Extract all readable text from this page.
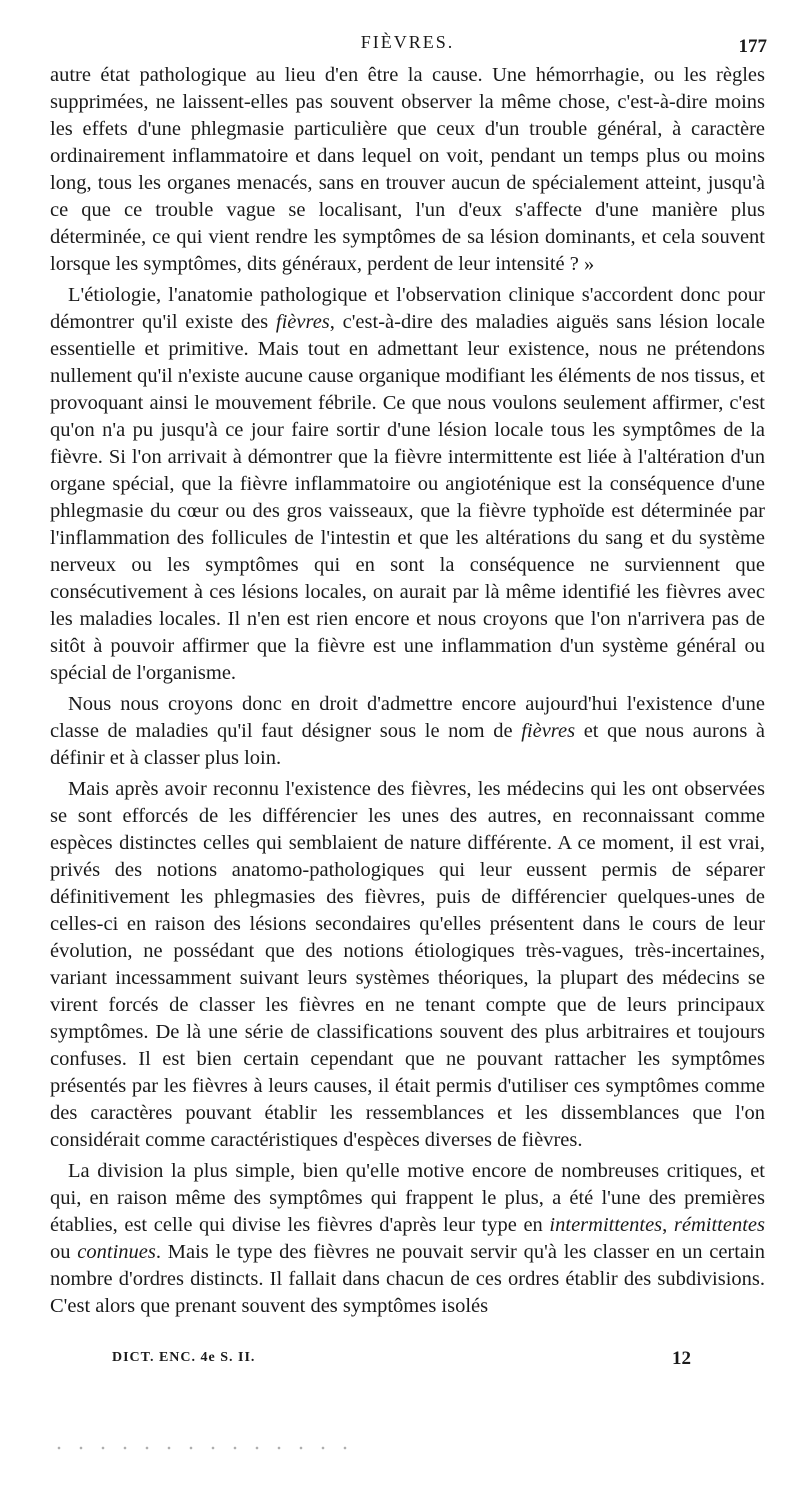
FIÈVRES.	177

autre état pathologique au lieu d'en être la cause. Une hémorrhagie, ou les règles supprimées, ne laissent-elles pas souvent observer la même chose, c'est-à-dire moins les effets d'une phlegmasie particulière que ceux d'un trouble général, à caractère ordinairement inflammatoire et dans lequel on voit, pendant un temps plus ou moins long, tous les organes menacés, sans en trouver aucun de spécialement atteint, jusqu'à ce que ce trouble vague se localisant, l'un d'eux s'affecte d'une manière plus déterminée, ce qui vient rendre les symptômes de sa lésion dominants, et cela souvent lorsque les symptômes, dits généraux, perdent de leur intensité ? »

L'étiologie, l'anatomie pathologique et l'observation clinique s'accordent donc pour démontrer qu'il existe des fièvres, c'est-à-dire des maladies aiguës sans lésion locale essentielle et primitive. Mais tout en admettant leur existence, nous ne prétendons nullement qu'il n'existe aucune cause organique modifiant les éléments de nos tissus, et provoquant ainsi le mouvement fébrile. Ce que nous voulons seulement affirmer, c'est qu'on n'a pu jusqu'à ce jour faire sortir d'une lésion locale tous les symptômes de la fièvre. Si l'on arrivait à démontrer que la fièvre intermittente est liée à l'altération d'un organe spécial, que la fièvre inflammatoire ou angioténique est la conséquence d'une phlegmasie du cœur ou des gros vaisseaux, que la fièvre typhoïde est déterminée par l'inflammation des follicules de l'intestin et que les altérations du sang et du système nerveux ou les symptômes qui en sont la conséquence ne surviennent que consécutivement à ces lésions locales, on aurait par là même identifié les fièvres avec les maladies locales. Il n'en est rien encore et nous croyons que l'on n'arrivera pas de sitôt à pouvoir affirmer que la fièvre est une inflammation d'un système général ou spécial de l'organisme.

Nous nous croyons donc en droit d'admettre encore aujourd'hui l'existence d'une classe de maladies qu'il faut désigner sous le nom de fièvres et que nous aurons à définir et à classer plus loin.

Mais après avoir reconnu l'existence des fièvres, les médecins qui les ont observées se sont efforcés de les différencier les unes des autres, en reconnaissant comme espèces distinctes celles qui semblaient de nature différente. A ce moment, il est vrai, privés des notions anatomo-pathologiques qui leur eussent permis de séparer définitivement les phlegmasies des fièvres, puis de différencier quelques-unes de celles-ci en raison des lésions secondaires qu'elles présentent dans le cours de leur évolution, ne possédant que des notions étiologiques très-vagues, très-incertaines, variant incessamment suivant leurs systèmes théoriques, la plupart des médecins se virent forcés de classer les fièvres en ne tenant compte que de leurs principaux symptômes. De là une série de classifications souvent des plus arbitraires et toujours confuses. Il est bien certain cependant que ne pouvant rattacher les symptômes présentés par les fièvres à leurs causes, il était permis d'utiliser ces symptômes comme des caractères pouvant établir les ressemblances et les dissemblances que l'on considérait comme caractéristiques d'espèces diverses de fièvres.

La division la plus simple, bien qu'elle motive encore de nombreuses critiques, et qui, en raison même des symptômes qui frappent le plus, a été l'une des premières établies, est celle qui divise les fièvres d'après leur type en intermittentes, rémittentes ou continues. Mais le type des fièvres ne pouvait servir qu'à les classer en un certain nombre d'ordres distincts. Il fallait dans chacun de ces ordres établir des subdivisions. C'est alors que prenant souvent des symptômes isolés

DICT. ENC. 4e S. II.	12
